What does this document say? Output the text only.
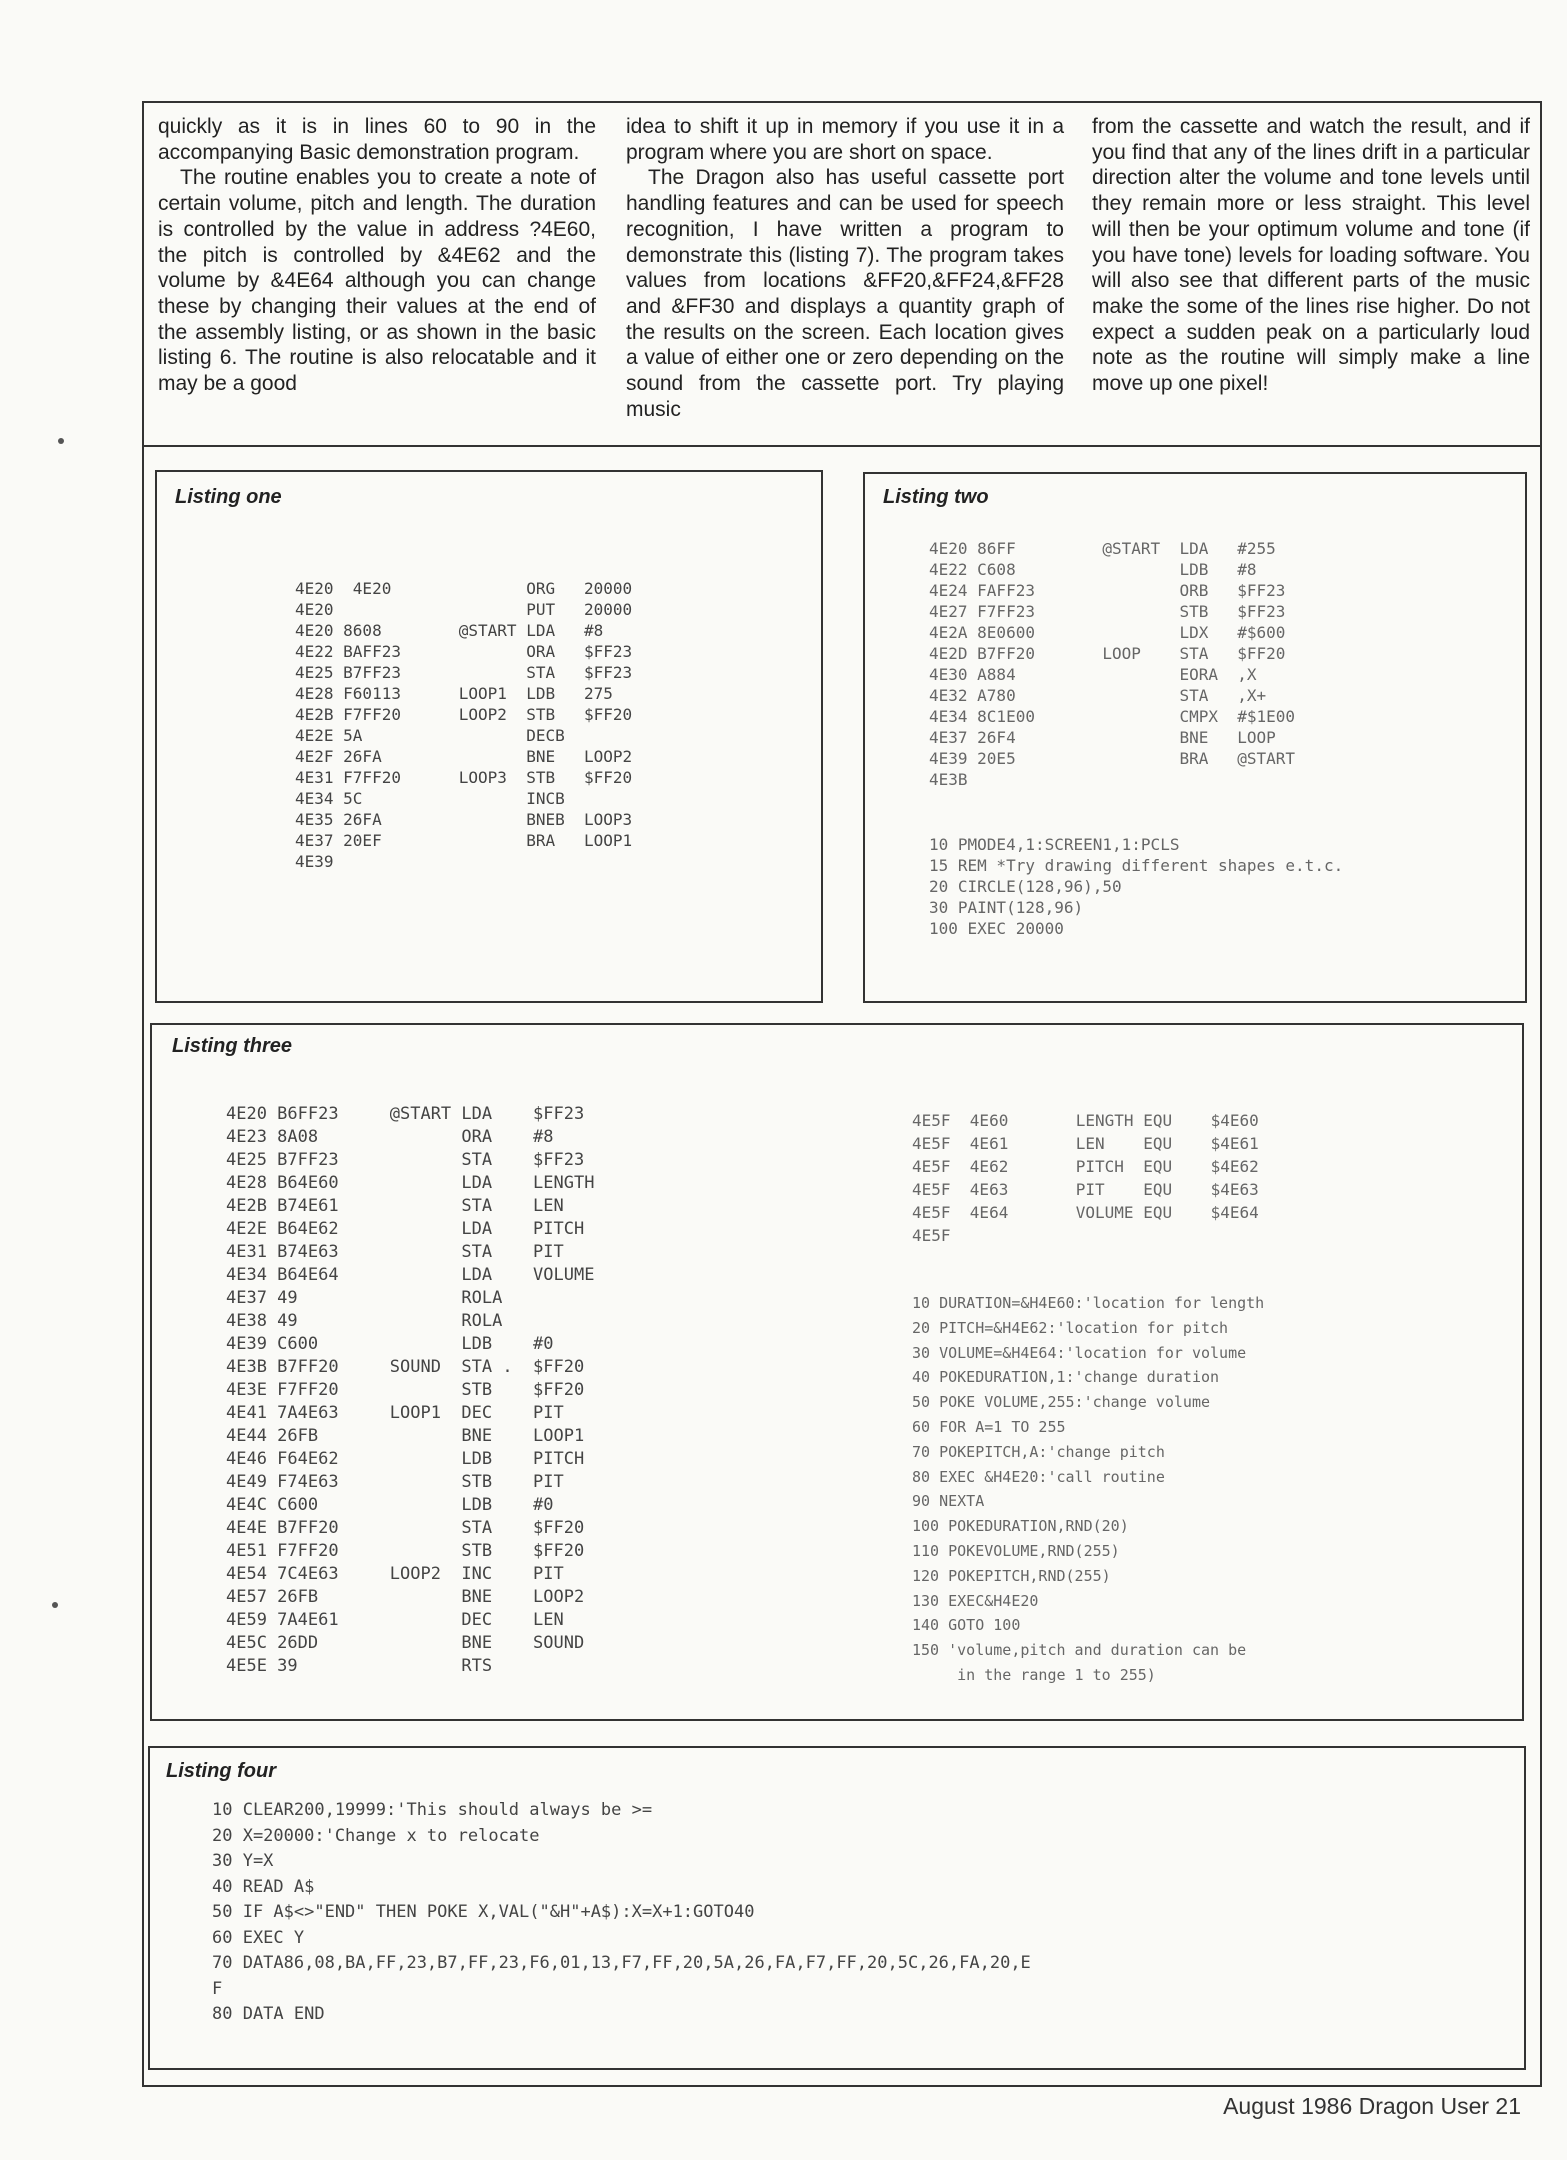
quickly as it is in lines 60 to 90 in the accompanying Basic demonstration program.

The routine enables you to create a note of certain volume, pitch and length. The duration is controlled by the value in address ?4E60, the pitch is controlled by &4E62 and the volume by &4E64 although you can change these by changing their values at the end of the assembly listing, or as shown in the basic listing 6. The routine is also relocatable and it may be a good

idea to shift it up in memory if you use it in a program where you are short on space.

The Dragon also has useful cassette port handling features and can be used for speech recognition, I have written a program to demonstrate this (listing 7). The program takes values from locations &FF20,&FF24,&FF28 and &FF30 and displays a quantity graph of the results on the screen. Each location gives a value of either one or zero depending on the sound from the cassette port. Try playing music

from the cassette and watch the result, and if you find that any of the lines drift in a particular direction alter the volume and tone levels until they remain more or less straight. This level will then be your optimum volume and tone (if you have tone) levels for loading software. You will also see that different parts of the music make the some of the lines rise higher. Do not expect a sudden peak on a particularly loud note as the routine will simply make a line move up one pixel!

Listing one
4E20  4E20              ORG   20000
4E20                    PUT   20000
4E20 8608        @START LDA   #8
4E22 BAFF23             ORA   $FF23
4E25 B7FF23             STA   $FF23
4E28 F60113      LOOP1  LDB   275
4E2B F7FF20      LOOP2  STB   $FF20
4E2E 5A                 DECB
4E2F 26FA               BNE   LOOP2
4E31 F7FF20      LOOP3  STB   $FF20
4E34 5C                 INCB
4E35 26FA               BNEB  LOOP3
4E37 20EF               BRA   LOOP1
4E39
Listing two
4E20 86FF         @START  LDA   #255
4E22 C608                 LDB   #8
4E24 FAFF23               ORB   $FF23
4E27 F7FF23               STB   $FF23
4E2A 8E0600               LDX   #$600
4E2D B7FF20       LOOP    STA   $FF20
4E30 A884                 EORA  ,X
4E32 A780                 STA   ,X+
4E34 8C1E00               CMPX  #$1E00
4E37 26F4                 BNE   LOOP
4E39 20E5                 BRA   @START
4E3B
10 PMODE4,1:SCREEN1,1:PCLS
15 REM *Try drawing different shapes e.t.c.
20 CIRCLE(128,96),50
30 PAINT(128,96)
100 EXEC 20000
Listing three
4E20 B6FF23     @START LDA    $FF23
4E23 8A08              ORA    #8
4E25 B7FF23            STA    $FF23
4E28 B64E60            LDA    LENGTH
4E2B B74E61            STA    LEN
4E2E B64E62            LDA    PITCH
4E31 B74E63            STA    PIT
4E34 B64E64            LDA    VOLUME
4E37 49                ROLA
4E38 49                ROLA
4E39 C600              LDB    #0
4E3B B7FF20     SOUND  STA .  $FF20
4E3E F7FF20            STB    $FF20
4E41 7A4E63     LOOP1  DEC    PIT
4E44 26FB              BNE    LOOP1
4E46 F64E62            LDB    PITCH
4E49 F74E63            STB    PIT
4E4C C600              LDB    #0
4E4E B7FF20            STA    $FF20
4E51 F7FF20            STB    $FF20
4E54 7C4E63     LOOP2  INC    PIT
4E57 26FB              BNE    LOOP2
4E59 7A4E61            DEC    LEN
4E5C 26DD              BNE    SOUND
4E5E 39                RTS
4E5F  4E60       LENGTH EQU    $4E60
4E5F  4E61       LEN    EQU    $4E61
4E5F  4E62       PITCH  EQU    $4E62
4E5F  4E63       PIT    EQU    $4E63
4E5F  4E64       VOLUME EQU    $4E64
4E5F
10 DURATION=&H4E60:'location for length
20 PITCH=&H4E62:'location for pitch
30 VOLUME=&H4E64:'location for volume
40 POKEDURATION,1:'change duration
50 POKE VOLUME,255:'change volume
60 FOR A=1 TO 255
70 POKEPITCH,A:'change pitch
80 EXEC &H4E20:'call routine
90 NEXTA
100 POKEDURATION,RND(20)
110 POKEVOLUME,RND(255)
120 POKEPITCH,RND(255)
130 EXEC&H4E20
140 GOTO 100
150 'volume,pitch and duration can be
in the range 1 to 255)
Listing four
10 CLEAR200,19999:'This should always be >=
20 X=20000:'Change x to relocate
30 Y=X
40 READ A$
50 IF A$<>"END" THEN POKE X,VAL("&H"+A$):X=X+1:GOTO40
60 EXEC Y
70 DATA86,08,BA,FF,23,B7,FF,23,F6,01,13,F7,FF,20,5A,26,FA,F7,FF,20,5C,26,FA,20,E
F
80 DATA END
August 1986 Dragon User 21
